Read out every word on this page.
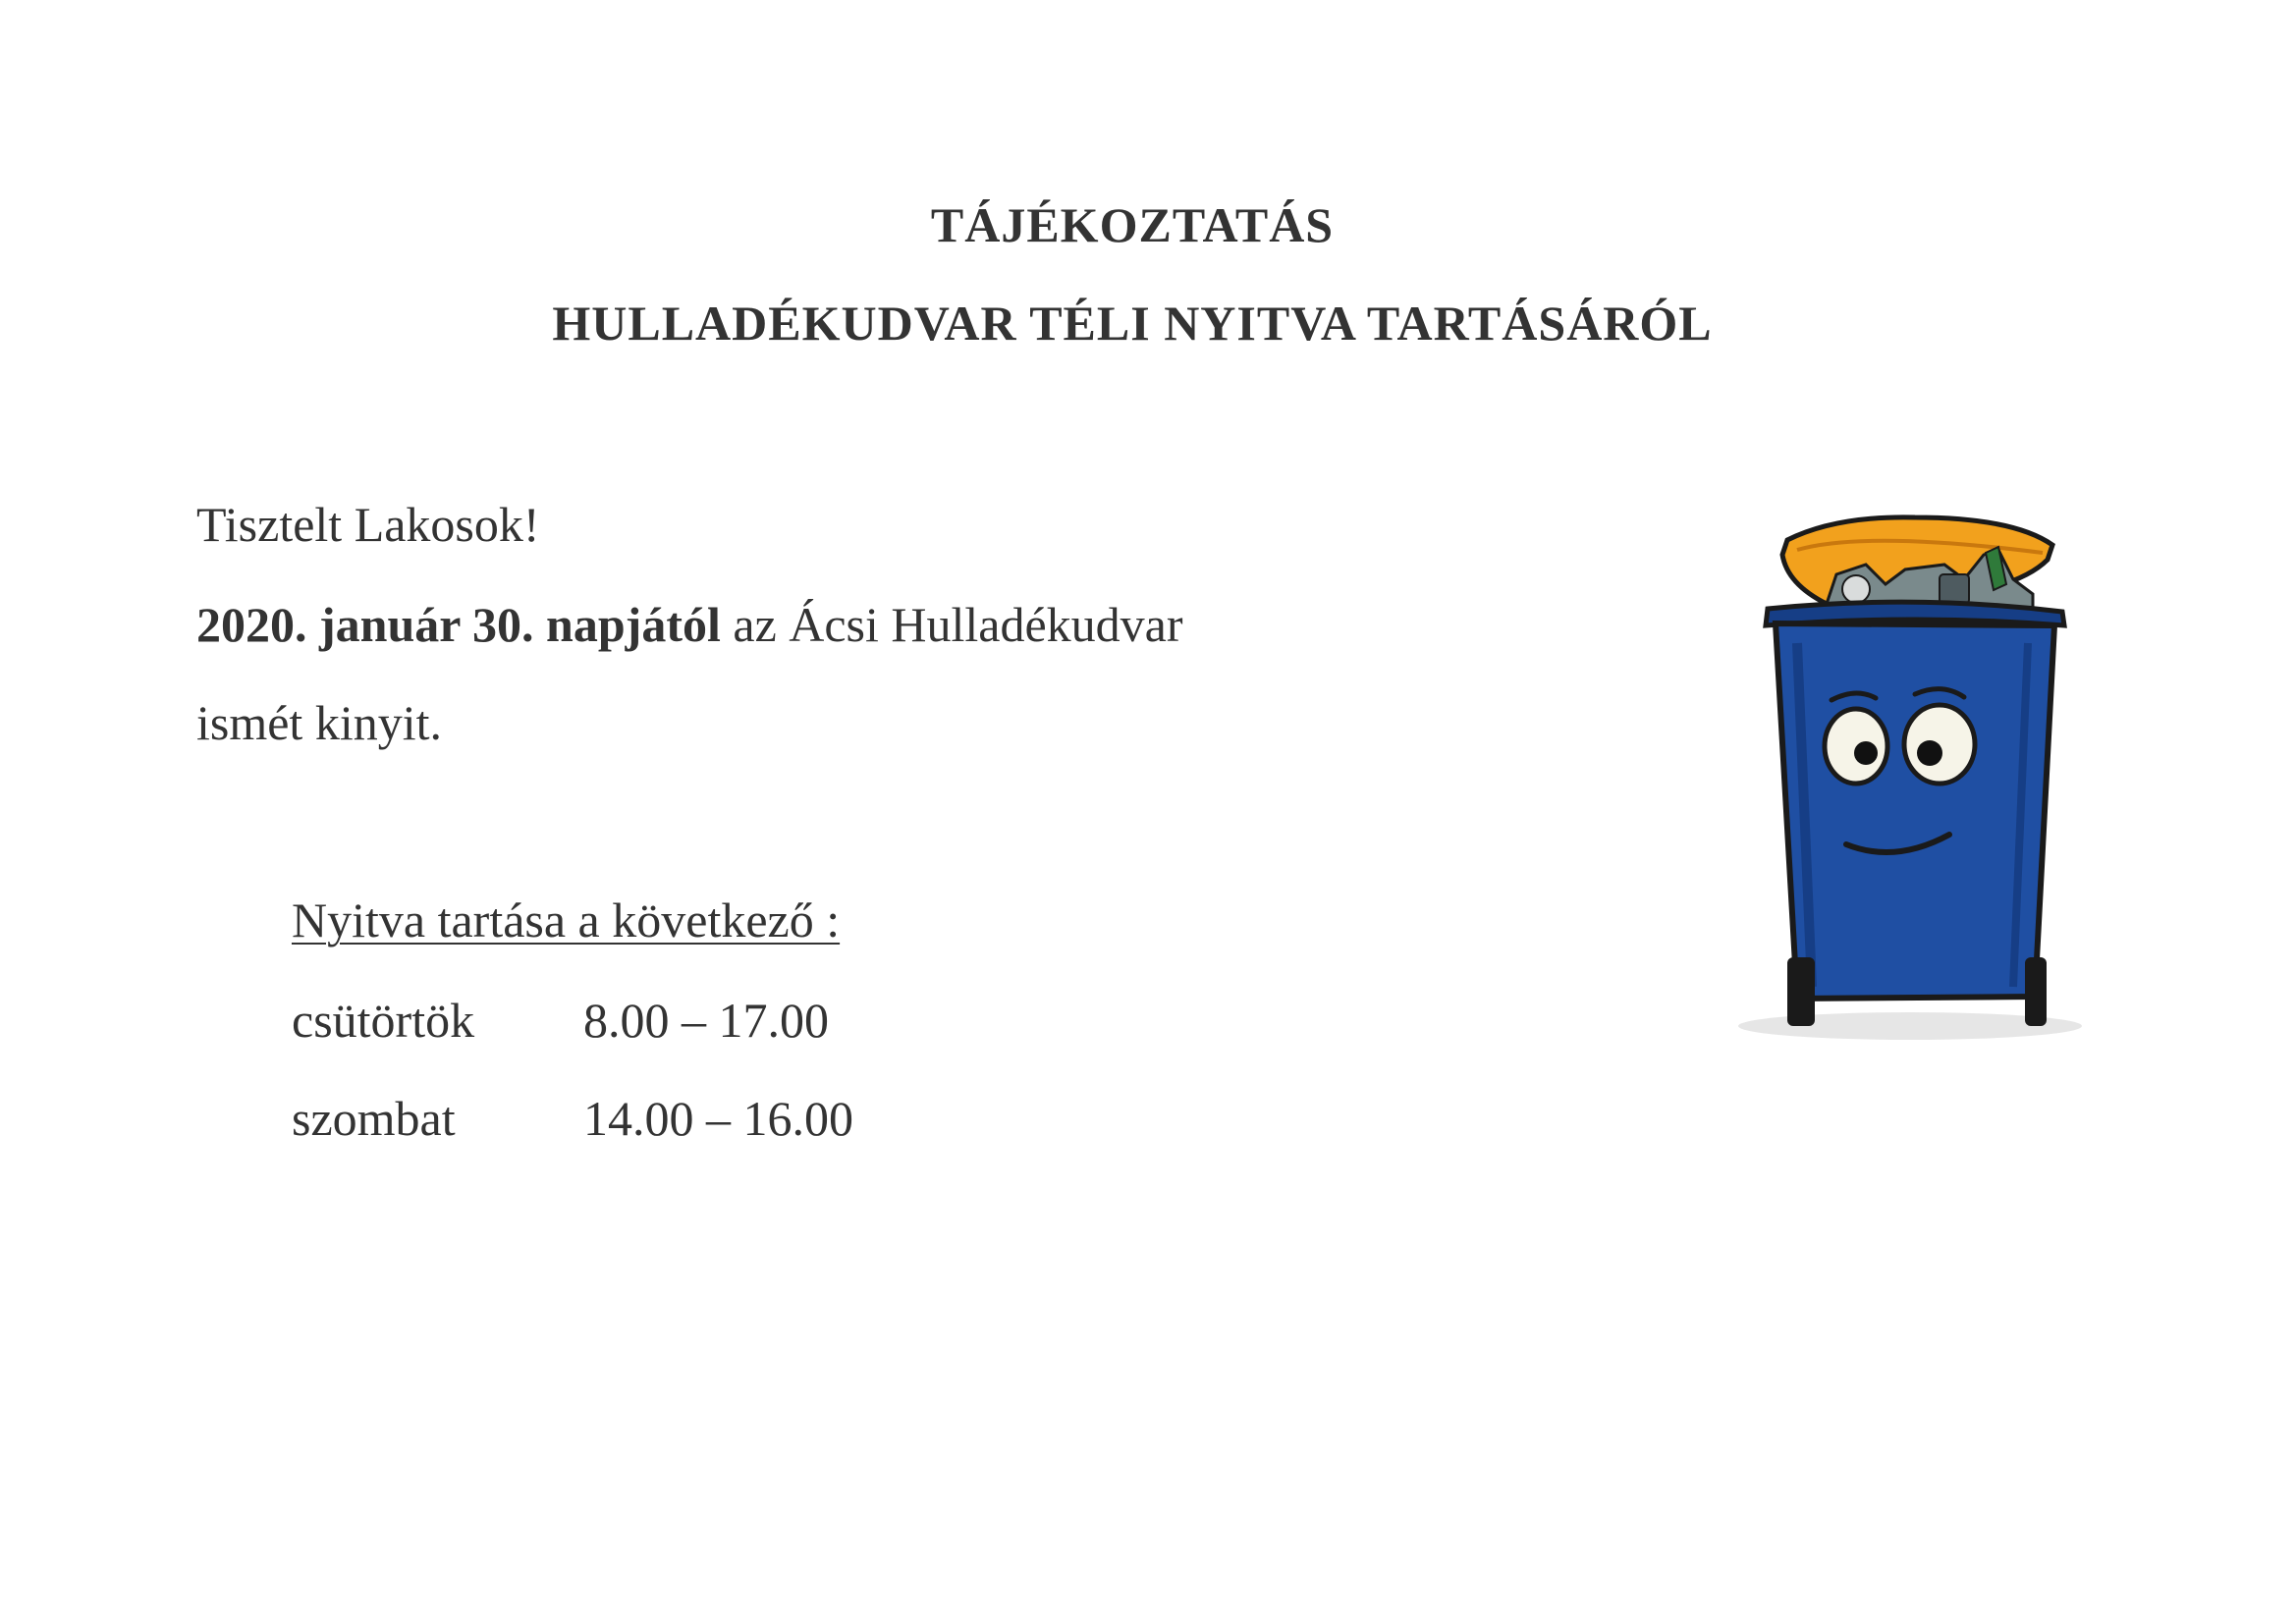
TÁJÉKOZTATÁS
HULLADÉKUDVAR TÉLI NYITVA TARTÁSÁRÓL
Tisztelt Lakosok!
2020. január 30. napjától az Ácsi Hulladékudvar
ismét kinyit.
Nyitva tartása a következő :
csütörtök 8.00 – 17.00
szombat	14.00 – 16.00
